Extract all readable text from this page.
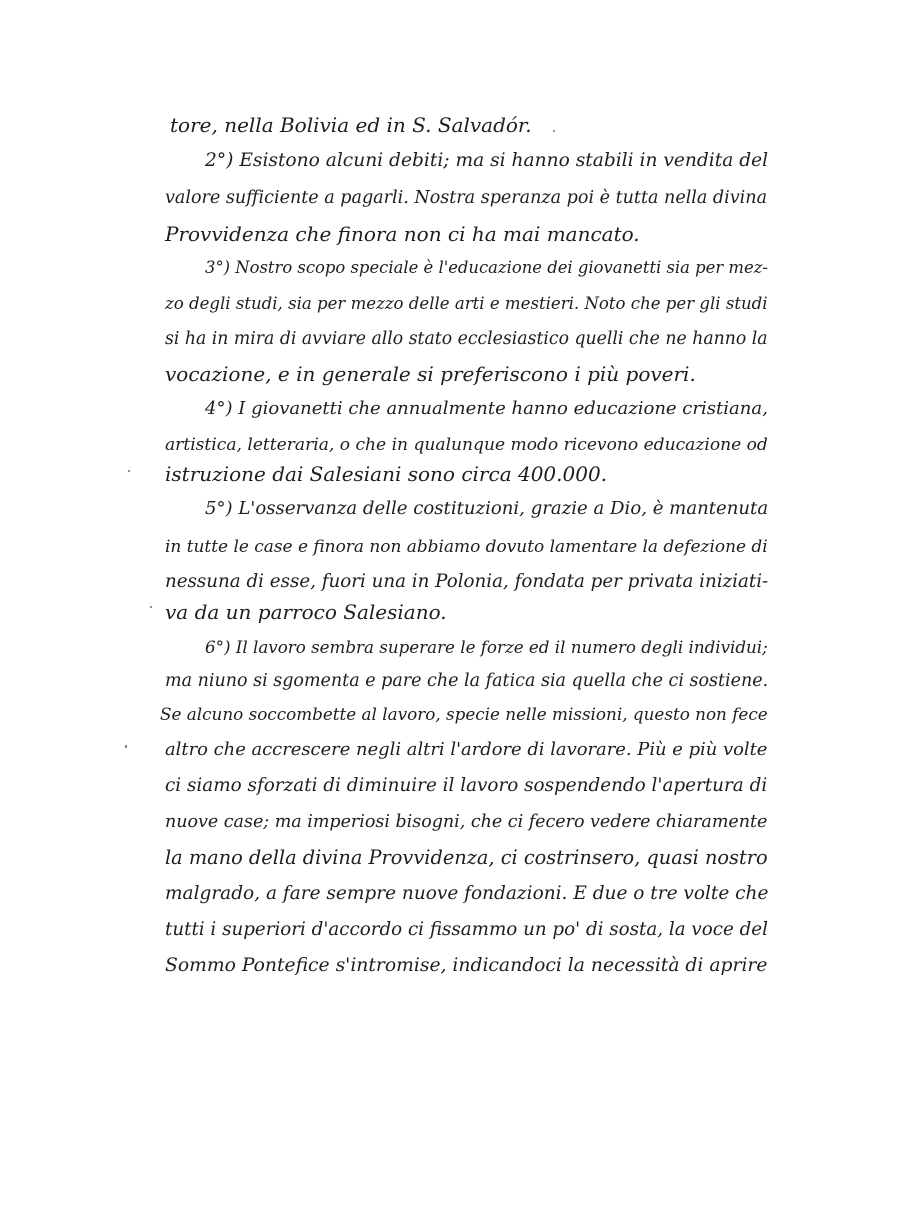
tore, nella Bolivia ed in S. Salvadór.

2°) Esistono alcuni debiti; ma si hanno stabili in vendita del

valore sufficiente a pagarli. Nostra speranza poi è tutta nella divina

Provvidenza che finora non ci ha mai mancato.

3°) Nostro scopo speciale è l'educazione dei giovanetti sia per mez-

zo degli studi, sia per mezzo delle arti e mestieri. Noto che per gli studi

si ha in mira di avviare allo stato ecclesiastico quelli che ne hanno la

vocazione, e in generale si preferiscono i più poveri.

4°) I giovanetti che annualmente hanno educazione cristiana,

artistica, letteraria, o che in qualunque modo ricevono educazione od

istruzione dai Salesiani sono circa 400.000.

5°) L'osservanza delle costituzioni, grazie a Dio, è mantenuta

in tutte le case e finora non abbiamo dovuto lamentare la defezione di

nessuna di esse, fuori una in Polonia, fondata per privata iniziati-

va da un parroco Salesiano.

6°) Il lavoro sembra superare le forze ed il numero degli individui;

ma niuno si sgomenta e pare che la fatica sia quella che ci sostiene.

Se alcuno soccombette al lavoro, specie nelle missioni, questo non fece

altro che accrescere negli altri l'ardore di lavorare. Più e più volte

ci siamo sforzati di diminuire il lavoro sospendendo l'apertura di

nuove case; ma imperiosi bisogni, che ci fecero vedere chiaramente

la mano della divina Provvidenza, ci costrinsero, quasi nostro

malgrado, a fare sempre nuove fondazioni. E due o tre volte che

tutti i superiori d'accordo ci fissammo un po' di sosta, la voce del

Sommo Pontefice s'intromise, indicandoci la necessità di aprire
